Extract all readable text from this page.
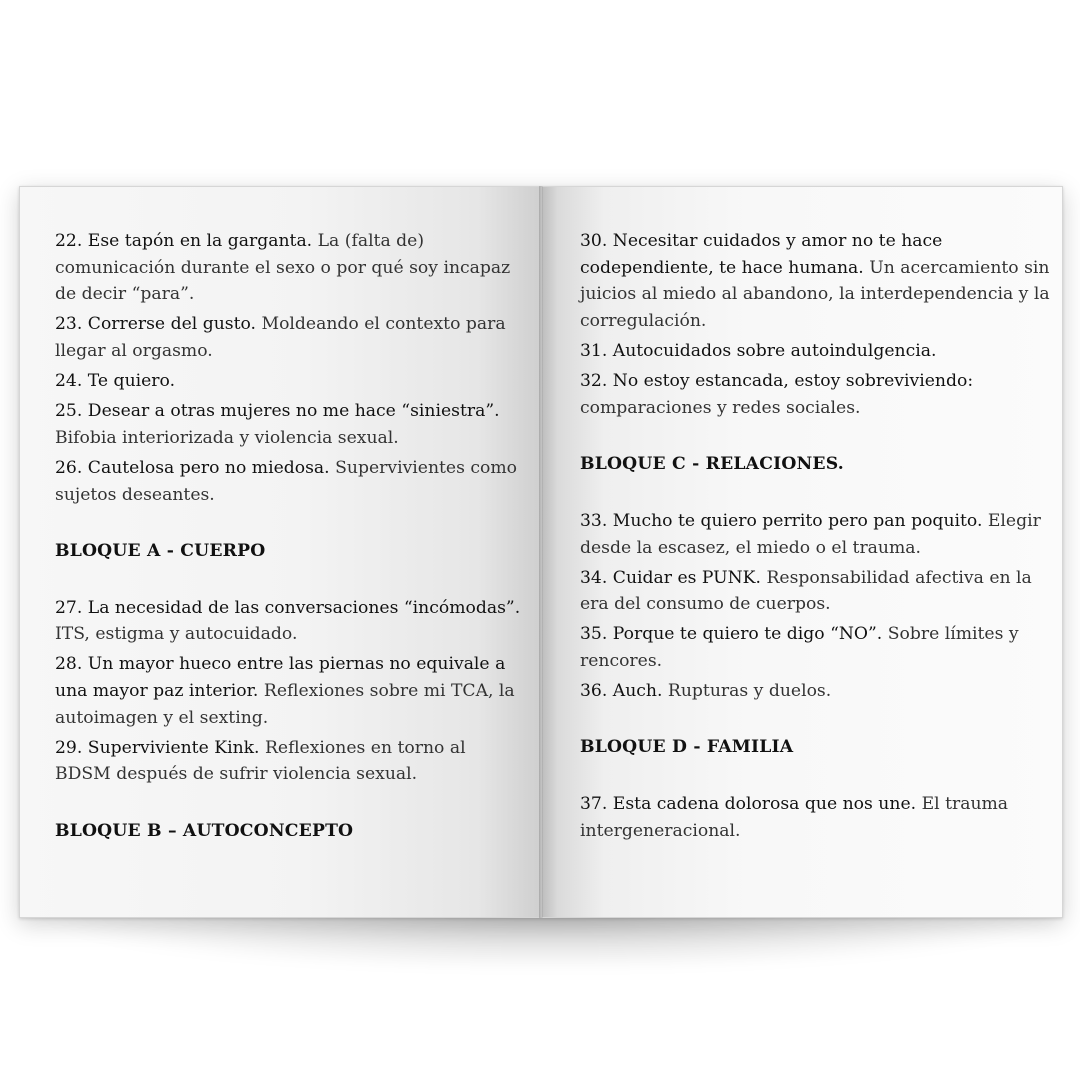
22. Ese tapón en la garganta. La (falta de) comunicación durante el sexo o por qué soy incapaz de decir “para”.

23. Correrse del gusto. Moldeando el contexto para llegar al orgasmo.

24. Te quiero.

25. Desear a otras mujeres no me hace “siniestra”. Bifobia interiorizada y violencia sexual.

26. Cautelosa pero no miedosa. Supervivientes como sujetos deseantes.

BLOQUE A - CUERPO

27. La necesidad de las conversaciones “incómodas”. ITS, estigma y autocuidado.

28. Un mayor hueco entre las piernas no equivale a una mayor paz interior. Reflexiones sobre mi TCA, la autoimagen y el sexting.

29. Superviviente Kink. Reflexiones en torno al BDSM después de sufrir violencia sexual.

BLOQUE B – AUTOCONCEPTO

30. Necesitar cuidados y amor no te hace codependiente, te hace humana. Un acercamiento sin juicios al miedo al abandono, la interdependencia y la corregulación.

31. Autocuidados sobre autoindulgencia.

32. No estoy estancada, estoy sobreviviendo: comparaciones y redes sociales.

BLOQUE C - RELACIONES.

33. Mucho te quiero perrito pero pan poquito. Elegir desde la escasez, el miedo o el trauma.

34. Cuidar es PUNK. Responsabilidad afectiva en la era del consumo de cuerpos.

35. Porque te quiero te digo “NO”. Sobre límites y rencores.

36. Auch. Rupturas y duelos.

BLOQUE D - FAMILIA

37. Esta cadena dolorosa que nos une. El trauma intergeneracional.
